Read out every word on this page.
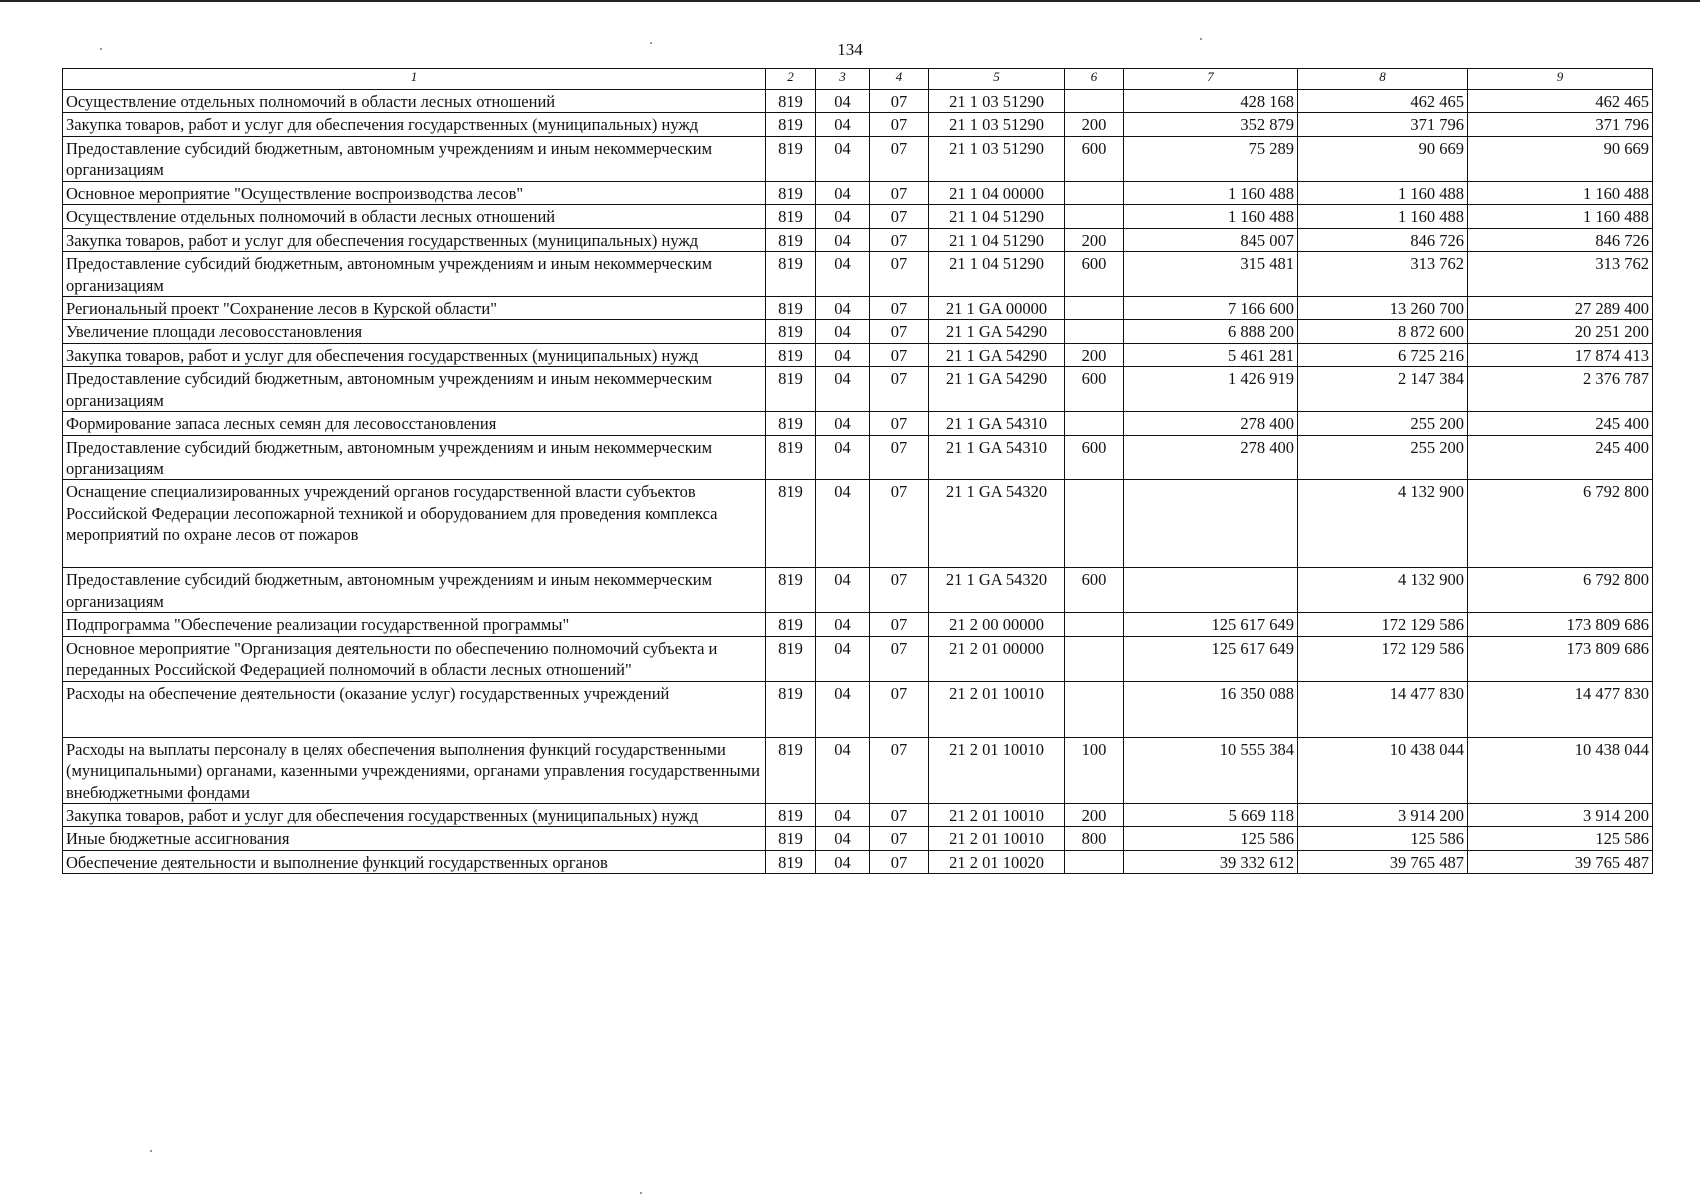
134
1	2	3	4	5	6	7	8	9
Осуществление отдельных полномочий в области лесных отношений	819	04	07	21 1 03 51290		428 168	462 465	462 465
Закупка товаров, работ и услуг для обеспечения государственных (муниципальных) нужд	819	04	07	21 1 03 51290	200	352 879	371 796	371 796
Предоставление субсидий бюджетным, автономным учреждениям и иным некоммерческим организациям	819	04	07	21 1 03 51290	600	75 289	90 669	90 669
Основное мероприятие "Осуществление воспроизводства лесов"	819	04	07	21 1 04 00000		1 160 488	1 160 488	1 160 488
Осуществление отдельных полномочий в области лесных отношений	819	04	07	21 1 04 51290		1 160 488	1 160 488	1 160 488
Закупка товаров, работ и услуг для обеспечения государственных (муниципальных) нужд	819	04	07	21 1 04 51290	200	845 007	846 726	846 726
Предоставление субсидий бюджетным, автономным учреждениям и иным некоммерческим организациям	819	04	07	21 1 04 51290	600	315 481	313 762	313 762
Региональный проект "Сохранение лесов в Курской области"	819	04	07	21 1 GA 00000		7 166 600	13 260 700	27 289 400
Увеличение площади лесовосстановления	819	04	07	21 1 GA 54290		6 888 200	8 872 600	20 251 200
Закупка товаров, работ и услуг для обеспечения государственных (муниципальных) нужд	819	04	07	21 1 GA 54290	200	5 461 281	6 725 216	17 874 413
Предоставление субсидий бюджетным, автономным учреждениям и иным некоммерческим организациям	819	04	07	21 1 GA 54290	600	1 426 919	2 147 384	2 376 787
Формирование запаса лесных семян для лесовосстановления	819	04	07	21 1 GA 54310		278 400	255 200	245 400
Предоставление субсидий бюджетным, автономным учреждениям и иным некоммерческим организациям	819	04	07	21 1 GA 54310	600	278 400	255 200	245 400
Оснащение специализированных учреждений органов государственной власти субъектов Российской Федерации лесопожарной техникой и оборудованием для проведения комплекса мероприятий по охране лесов от пожаров	819	04	07	21 1 GA 54320			4 132 900	6 792 800
Предоставление субсидий бюджетным, автономным учреждениям и иным некоммерческим организациям	819	04	07	21 1 GA 54320	600		4 132 900	6 792 800
Подпрограмма "Обеспечение реализации государственной программы"	819	04	07	21 2 00 00000		125 617 649	172 129 586	173 809 686
Основное мероприятие "Организация деятельности по обеспечению полномочий субъекта и переданных Российской Федерацией полномочий в области лесных отношений"	819	04	07	21 2 01 00000		125 617 649	172 129 586	173 809 686
Расходы на обеспечение деятельности (оказание услуг) государственных учреждений	819	04	07	21 2 01 10010		16 350 088	14 477 830	14 477 830
Расходы на выплаты персоналу в целях обеспечения выполнения функций государственными (муниципальными) органами, казенными учреждениями, органами управления государственными внебюджетными фондами	819	04	07	21 2 01 10010	100	10 555 384	10 438 044	10 438 044
Закупка товаров, работ и услуг для обеспечения государственных (муниципальных) нужд	819	04	07	21 2 01 10010	200	5 669 118	3 914 200	3 914 200
Иные бюджетные ассигнования	819	04	07	21 2 01 10010	800	125 586	125 586	125 586
Обеспечение деятельности и выполнение функций государственных органов	819	04	07	21 2 01 10020		39 332 612	39 765 487	39 765 487
